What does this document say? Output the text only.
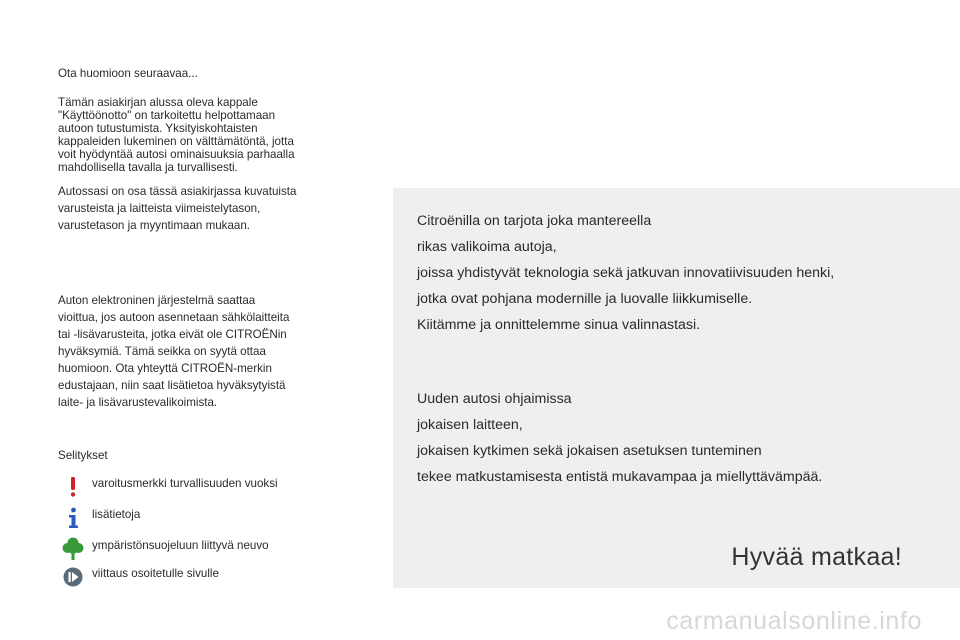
Ota huomioon seuraavaa...
Tämän asiakirjan alussa oleva kappale
"Käyttöönotto" on tarkoitettu helpottamaan
autoon tutustumista. Yksityiskohtaisten
kappaleiden lukeminen on välttämätöntä, jotta
voit hyödyntää autosi ominaisuuksia parhaalla
mahdollisella tavalla ja turvallisesti.
Autossasi on osa tässä asiakirjassa kuvatuista
varusteista ja laitteista viimeistelytason,
varustetason ja myyntimaan mukaan.
Auton elektroninen järjestelmä saattaa
vioittua, jos autoon asennetaan sähkölaitteita
tai -lisävarusteita, jotka eivät ole CITROËNin
hyväksymiä. Tämä seikka on syytä ottaa
huomioon. Ota yhteyttä CITROËN-merkin
edustajaan, niin saat lisätietoa hyväksytyistä
laite- ja lisävarustevalikoimista.
Selitykset
varoitusmerkki turvallisuuden vuoksi
lisätietoja
ympäristönsuojeluun liittyvä neuvo
viittaus osoitetulle sivulle
Citroënilla on tarjota joka mantereella
rikas valikoima autoja,
joissa yhdistyvät teknologia sekä jatkuvan innovatiivisuuden henki,
jotka ovat pohjana modernille ja luovalle liikkumiselle.
Kiitämme ja onnittelemme sinua valinnastasi.
Uuden autosi ohjaimissa
jokaisen laitteen,
jokaisen kytkimen sekä jokaisen asetuksen tunteminen
tekee matkustamisesta entistä mukavampaa ja miellyttävämpää.
Hyvää matkaa!
carmanualsonline.info
